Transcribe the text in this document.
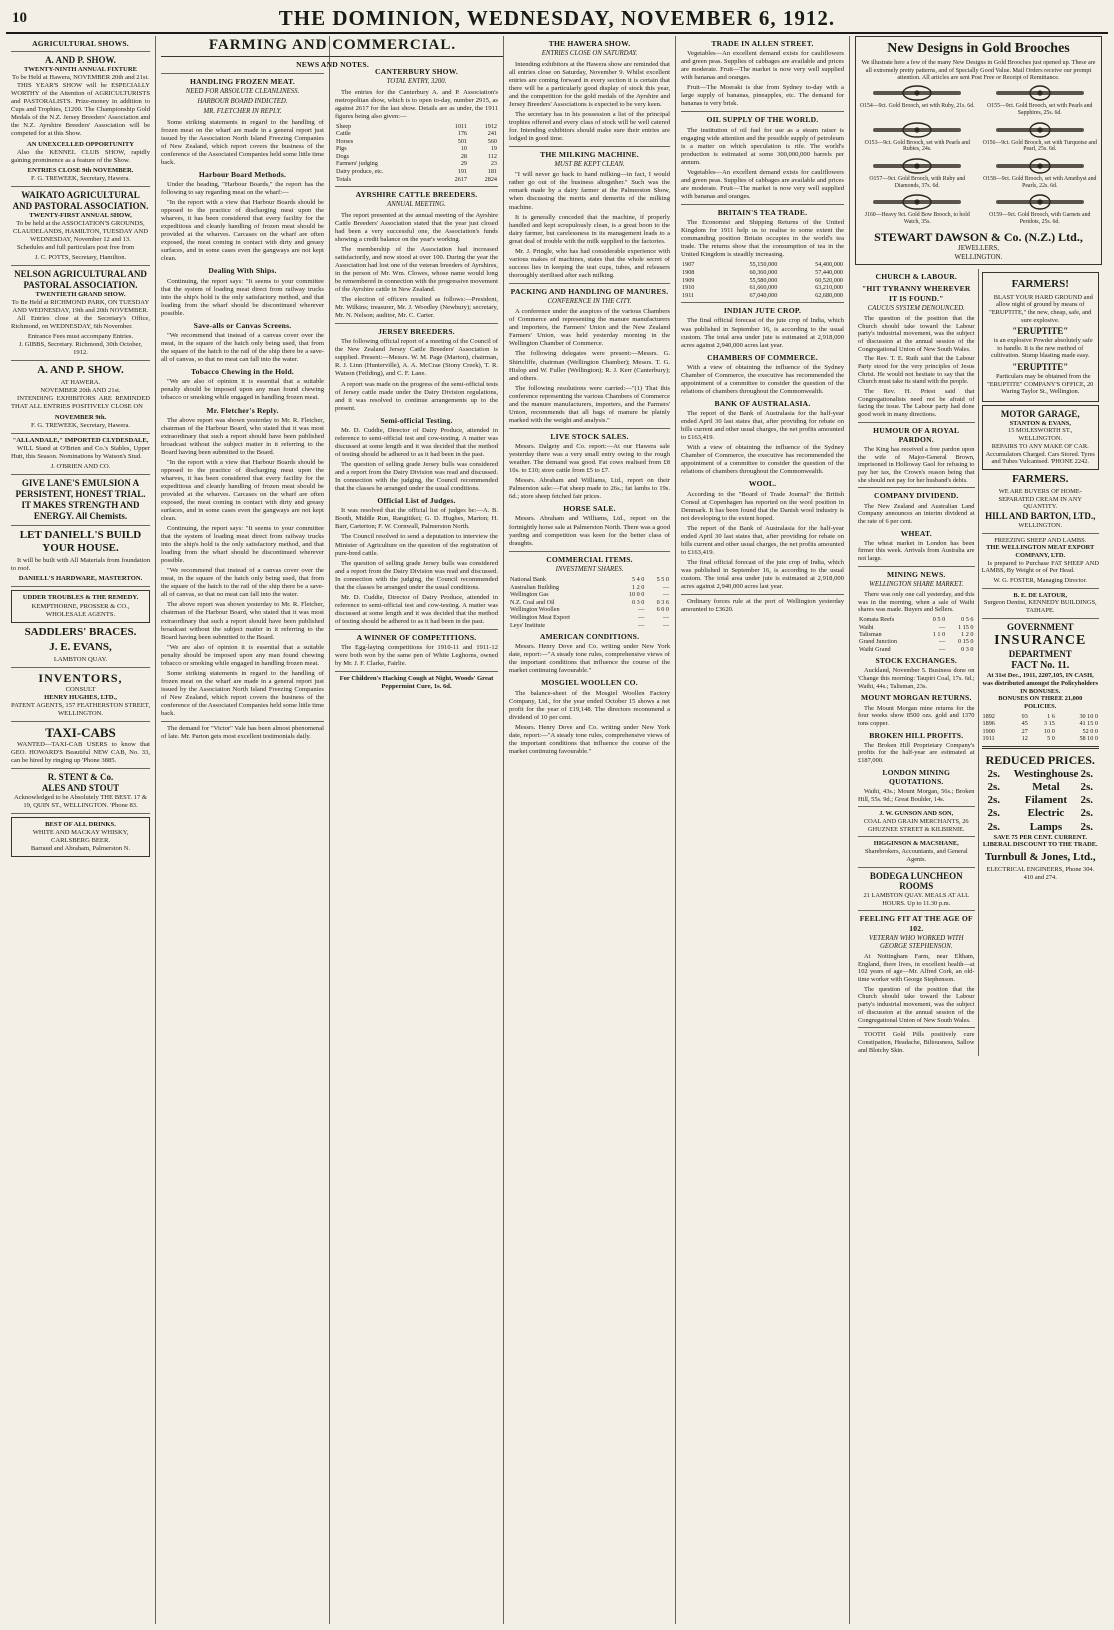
10	THE DOMINION, WEDNESDAY, NOVEMBER 6, 1912.
AGRICULTURAL SHOWS.
A. AND P. SHOW.
TWENTY-NINTH ANNUAL FIXTURE
To be Held at Hawera, NOVEMBER 20th and 21st.

THIS YEAR'S SHOW will be ESPECIALLY WORTHY of the Attention of AGRICULTURISTS and PASTORALISTS. Prize-money in addition to Cups and Trophies, £1200. The Championship Gold Medals of the N.Z. Jersey Breeders' Association and the N.Z. Ayrshire Breeders' Association will be competed for at this Show.

AN UNEXCELLED OPPORTUNITY

Also the KENNEL CLUB SHOW, rapidly gaining prominence as a feature of the Show.

ENTRIES CLOSE 9th NOVEMBER.
F. G. TREWEEK, Secretary, Hawera.
WAIKATO AGRICULTURAL AND PASTORAL ASSOCIATION.
TWENTY-FIRST ANNUAL SHOW,
To be held at the ASSOCIATION'S GROUNDS, CLAUDELANDS, HAMILTON, TUESDAY AND WEDNESDAY, November 12 and 13.

Schedules and full particulars post free from

J. C. POTTS, Secretary, Hamilton.
NELSON AGRICULTURAL AND PASTORAL ASSOCIATION.
TWENTIETH GRAND SHOW.
To Be Held at RICHMOND PARK, ON TUESDAY AND WEDNESDAY, 19th and 20th NOVEMBER.

All Entries close at the Secretary's Office, Richmond, on WEDNESDAY, 6th November.

Entrance Fees must accompany Entries.
J. GIBBS, Secretary. Richmond, 30th October, 1912.
A. AND P. SHOW.
AT HAWERA.
NOVEMBER 20th AND 21st.

INTENDING EXHIBITORS ARE REMINDED THAT ALL ENTRIES POSITIVELY CLOSE ON

NOVEMBER 9th.
F. G. TREWEEK, Secretary, Hawera.
"ALLANDALE," IMPORTED CLYDESDALE,

WILL Stand at O'Brien and Co.'s Stables, Upper Hutt, this Season. Nominations by Watson's Stud.

J. O'BRIEN AND CO.
GIVE LANE'S EMULSION A PERSISTENT, HONEST TRIAL. IT MAKES STRENGTH AND ENERGY. All Chemists.
LET DANIELL'S BUILD YOUR HOUSE.

It will be built with All Materials from foundation to roof.

DANIELL'S HARDWARE, MASTERTON.
UDDER TROUBLES & THE REMEDY.
KEMPTHORNE, PROSSER & CO., WHOLESALE AGENTS.
SADDLERS' BRACES.
J. E. EVANS,
LAMBTON QUAY.
INVENTORS,
CONSULT
HENRY HUGHES, LTD.,
PATENT AGENTS, 157 FEATHERSTON STREET, WELLINGTON.
TAXI-CABS

WANTED—TAXI-CAB USERS to know that GEO. HOWARD'S Beautiful NEW CAB, No. 33, can be hired by ringing up 'Phone 3885.

R. STENT & Co.
ALES AND STOUT
Acknowledged to be Absolutely THE BEST. 17 & 19, QUIN ST., WELLINGTON. 'Phone 83.
BEST OF ALL DRINKS.
WHITE AND MACKAY WHISKY, CARLSBERG BEER.
Barraud and Abraham, Palmerston N.
FARMING AND COMMERCIAL.
NEWS AND NOTES.
HANDLING FROZEN MEAT.
NEED FOR ABSOLUTE CLEANLINESS.
HARBOUR BOARD INDICTED.
MR. FLETCHER IN REPLY.

Some striking statements in regard to the handling of frozen meat on the wharf are made in a general report just issued by the Association North Island Freezing Companies of New Zealand, which report covers the business of the conference of the Associated Companies held some little time back.

Harbour Board Methods.

Under the heading, "Harbour Boards," the report has the following to say regarding meat on the wharf:—

"In the report with a view that Harbour Boards should be opposed to the practice of discharging meat upon the wharves, it has been considered that every facility for the expeditious and cleanly handling of frozen meat should be provided at the wharves. Carcases on the wharf are often exposed, the meat coming in contact with dirty and greasy surfaces, and in some cases even the gangways are not kept clean.

Dealing With Ships.

Continuing, the report says: "It seems to your committee that the system of loading meat direct from railway trucks into the ship's hold is the only satisfactory method, and that loading from the wharf should be discontinued wherever possible.

Save-alls or Canvas Screens.

"We recommend that instead of a canvas cover over the meat, in the square of the hatch only being used, that from the square of the hatch to the rail of the ship there be a save-all of canvas, so that no meat can fall into the water.

Tobacco Chewing in the Hold.

"We are also of opinion it is essential that a suitable penalty should be imposed upon any man found chewing tobacco or smoking while engaged in handling frozen meat.

Mr. Fletcher's Reply.

The above report was shown yesterday to Mr. R. Fletcher, chairman of the Harbour Board, who stated that it was most extraordinary that such a report should have been published broadcast without the subject matter in it referring to the Board having been submitted to the Board.

"In the report with a view that Harbour Boards should be opposed to the practice of discharging meat upon the wharves, it has been considered that every facility for the expeditious and cleanly handling of frozen meat should be provided at the wharves. Carcases on the wharf are often exposed, the meat coming in contact with dirty and greasy surfaces, and in some cases even the gangways are not kept clean.

Continuing, the report says: "It seems to your committee that the system of loading meat direct from railway trucks into the ship's hold is the only satisfactory method, and that loading from the wharf should be discontinued wherever possible.

"We recommend that instead of a canvas cover over the meat, in the square of the hatch only being used, that from the square of the hatch to the rail of the ship there be a save-all of canvas, so that no meat can fall into the water.

The above report was shown yesterday to Mr. R. Fletcher, chairman of the Harbour Board, who stated that it was most extraordinary that such a report should have been published broadcast without the subject matter in it referring to the Board having been submitted to the Board.

"We are also of opinion it is essential that a suitable penalty should be imposed upon any man found chewing tobacco or smoking while engaged in handling frozen meat.

Some striking statements in regard to the handling of frozen meat on the wharf are made in a general report just issued by the Association North Island Freezing Companies of New Zealand, which report covers the business of the conference of the Associated Companies held some little time back.

The demand for "Victor" Vale has been almost phenomenal of late. Mr. Parton gets most excellent testimonials daily.

CANTERBURY SHOW.
TOTAL ENTRY, 3200.

The entries for the Canterbury A. and P. Association's metropolitan show, which is to open to-day, number 2915, as against 2617 for the last show. Details are as under, the 1911 figures being also given:—

Sheep	1011	1912
Cattle	176	241
Horses	501	560
Pigs	10	19
Dogs	28	112
Farmers' judging	29	23
Dairy produce, etc.	191	181
Totals	2617	2824
AYRSHIRE CATTLE BREEDERS.
ANNUAL MEETING.

The report presented at the annual meeting of the Ayrshire Cattle Breeders' Association stated that the year just closed had been a very successful one, the Association's funds showing a credit balance on the year's working.

The membership of the Association had increased satisfactorily, and now stood at over 100. During the year the Association had lost one of the veteran breeders of Ayrshires, in the person of Mr. Wm. Clowes, whose name would long be remembered in connection with the progressive movement of the Ayrshire cattle in New Zealand.

The election of officers resulted as follows:—President, Mr. Wilkins; treasurer, Mr. J. Woodley (Newbury); secretary, Mr. N. Nelson; auditor, Mr. C. Carter.

JERSEY BREEDERS.

The following official report of a meeting of the Council of the New Zealand Jersey Cattle Breeders' Association is supplied. Present:—Messrs. W. M. Page (Marton), chairman, R. J. Linn (Hunterville), A. A. McCrae (Stony Creek), T. R. Watson (Feilding), and C. F. Lane.

A report was made on the progress of the semi-official tests of Jersey cattle made under the Dairy Division regulations, and it was resolved to continue arrangements up to the present.

Semi-official Testing.

Mr. D. Cuddie, Director of Dairy Produce, attended in reference to semi-official test and cow-testing. A matter was discussed at some length and it was decided that the method of testing should be adhered to as it had been in the past.

The question of selling grade Jersey bulls was considered and a report from the Dairy Division was read and discussed. In connection with the judging, the Council recommended that the classes be arranged under the usual conditions.

Official List of Judges.

It was resolved that the official list of judges be:—A. B. Booth, Middle Run, Rangitikei; G. D. Hughes, Marton; H. Barr, Carterton; F. W. Cornwall, Palmerston North.

The Council resolved to send a deputation to interview the Minister of Agriculture on the question of the registration of pure-bred cattle.

The question of selling grade Jersey bulls was considered and a report from the Dairy Division was read and discussed. In connection with the judging, the Council recommended that the classes be arranged under the usual conditions.

Mr. D. Cuddie, Director of Dairy Produce, attended in reference to semi-official test and cow-testing. A matter was discussed at some length and it was decided that the method of testing should be adhered to as it had been in the past.

A WINNER OF COMPETITIONS.

The Egg-laying competitions for 1910-11 and 1911-12 were both won by the same pen of White Leghorns, owned by Mr. J. F. Clarke, Fairlie.

For Children's Hacking Cough at Night, Woods' Great Peppermint Cure, 1s. 6d.
THE HAWERA SHOW.
ENTRIES CLOSE ON SATURDAY.

Intending exhibitors at the Hawera show are reminded that all entries close on Saturday, November 9. Whilst excellent entries are coming forward in every section it is certain that there will be a particularly good display of stock this year, and the competition for the gold medals of the Ayrshire and Jersey Breeders' Associations is expected to be very keen.

The secretary has in his possession a list of the principal trophies offered and every class of stock will be well catered for. Intending exhibitors should make sure their entries are lodged in good time.

THE MILKING MACHINE.
MUST BE KEPT CLEAN.

"I will never go back to hand milking—in fact, I would rather go out of the business altogether." Such was the remark made by a dairy farmer at the Palmerston Show, when discussing the merits and demerits of the milking machine.

It is generally conceded that the machine, if properly handled and kept scrupulously clean, is a great boon to the dairy farmer, but carelessness in its management leads to a great deal of trouble with the milk supplied to the factories.

Mr. J. Pringle, who has had considerable experience with various makes of machines, states that the whole secret of success lies in keeping the teat cups, tubes, and releasers thoroughly sterilised after each milking.

PACKING AND HANDLING OF MANURES.
CONFERENCE IN THE CITY.

A conference under the auspices of the various Chambers of Commerce and representing the manure manufacturers and importers, the Farmers' Union and the New Zealand Farmers' Union, was held yesterday morning in the Wellington Chamber of Commerce.

The following delegates were present:—Messrs. G. Shirtcliffe, chairman (Wellington Chamber); Messrs. T. G. Hislop and W. Fuller (Wellington); R. J. Kerr (Canterbury); and others.

The following resolutions were carried:—"(1) That this conference representing the various Chambers of Commerce and the manure manufacturers, importers, and the Farmers' Union, recommends that all bags of manure be plainly marked with the weight and analysis."

LIVE STOCK SALES.

Messrs. Dalgety and Co. report:—At our Hawera sale yesterday there was a very small entry owing to the rough weather. The demand was good. Fat cows realised from £8 10s. to £10; store cattle from £5 to £7.

Messrs. Abraham and Williams, Ltd., report on their Palmerston sale:—Fat sheep made to 26s.; fat lambs to 19s. 6d.; store sheep fetched fair prices.

HORSE SALE.

Messrs. Abraham and Williams, Ltd., report on the fortnightly horse sale at Palmerston North. There was a good yarding and competition was keen for the better class of draughts.

COMMERCIAL ITEMS.
INVESTMENT SHARES.
National Bank	5 4 0	5 5 0
Australian Building	1 2 0	—
Wellington Gas	10 0 0	—
N.Z. Coal and Oil	0 3 0	0 3 6
Wellington Woollen	—	6 0 0
Wellington Meat Export	—	—
Leys' Institute	—	—
AMERICAN CONDITIONS.

Messrs. Henry Dove and Co. writing under New York date, report:—"A steady tone rules, comprehensive views of the important conditions that influence the course of the market continuing favourable."

MOSGIEL WOOLLEN CO.

The balance-sheet of the Mosgiel Woollen Factory Company, Ltd., for the year ended October 15 shows a net profit for the year of £19,148. The directors recommend a dividend of 10 per cent.

Messrs. Henry Dove and Co. writing under New York date, report:—"A steady tone rules, comprehensive views of the important conditions that influence the course of the market continuing favourable."

TRADE IN ALLEN STREET.

Vegetables—An excellent demand exists for cauliflowers and green peas. Supplies of cabbages are available and prices are moderate. Fruit—The market is now very well supplied with bananas and oranges.

Fruit—The Moeraki is due from Sydney to-day with a large supply of bananas, pineapples, etc. The demand for bananas is very brisk.

OIL SUPPLY OF THE WORLD.

The institution of oil fuel for use as a steam raiser is engaging wide attention and the possible supply of petroleum is a matter on which speculation is rife. The world's production is estimated at some 300,000,000 barrels per annum.

Vegetables—An excellent demand exists for cauliflowers and green peas. Supplies of cabbages are available and prices are moderate. Fruit—The market is now very well supplied with bananas and oranges.

BRITAIN'S TEA TRADE.

The Economist and Shipping Returns of the United Kingdom for 1911 help us to realise to some extent the commanding position Britain occupies in the world's tea trade. The returns show that the consumption of tea in the United Kingdom is steadily increasing.

1907	55,150,000	54,400,000
1908	60,360,000	57,440,000
1909	55,580,000	60,520,000
1910	61,660,000	63,210,000
1911	67,040,000	62,680,000
INDIAN JUTE CROP.

The final official forecast of the jute crop of India, which was published in September 16, is according to the usual custom. The total area under jute is estimated at 2,918,000 acres against 2,940,000 acres last year.

CHAMBERS OF COMMERCE.

With a view of obtaining the influence of the Sydney Chamber of Commerce, the executive has recommended the appointment of a committee to consider the question of the relations of chambers throughout the Commonwealth.

BANK OF AUSTRALASIA.

The report of the Bank of Australasia for the half-year ended April 30 last states that, after providing for rebate on bills current and other usual charges, the net profits amounted to £163,419.

With a view of obtaining the influence of the Sydney Chamber of Commerce, the executive has recommended the appointment of a committee to consider the question of the relations of chambers throughout the Commonwealth.

WOOL.

According to the "Board of Trade Journal" the British Consul at Copenhagen has reported on the wool position in Denmark. It has been found that the Danish wool industry is not developing to the extent hoped.

The report of the Bank of Australasia for the half-year ended April 30 last states that, after providing for rebate on bills current and other usual charges, the net profits amounted to £163,419.

The final official forecast of the jute crop of India, which was published in September 16, is according to the usual custom. The total area under jute is estimated at 2,918,000 acres against 2,940,000 acres last year.

Ordinary forces rule at the port of Wellington yesterday amounted to £3620.

New Designs in Gold Brooches
We illustrate here a few of the many New Designs in Gold Brooches just opened up. These are all extremely pretty patterns, and of Specially Good Value. Mail Orders receive our prompt attention. All articles are sent Post Free or Receipt of Remittance.
O154—9ct. Gold Brooch, set with Ruby, 21s. 6d.	O155—9ct. Gold Brooch, set with Pearls and Sapphires, 25s. 6d.
O153—9ct. Gold Brooch, set with Pearls and Rubies, 24s.
O156—9ct. Gold Brooch, set with Turquoise and Pearl, 25s. 6d.
O157—9ct. Gold Brooch, with Ruby and Diamonds, 37s. 6d.
O158—9ct. Gold Brooch, set with Amethyst and Pearls, 22s. 6d.
J160—Heavy 9ct. Gold Bow Brooch, to hold Watch, 35s.
O159—9ct. Gold Brooch, with Garnets and Peridots, 25s. 6d.
STEWART DAWSON & Co. (N.Z.) Ltd.,
JEWELLERS,
WELLINGTON.
CHURCH & LABOUR.
"HIT TYRANNY WHEREVER IT IS FOUND."
CAUCUS SYSTEM DENOUNCED.

The question of the position that the Church should take toward the Labour party's industrial movement, was the subject of discussion at the annual session of the Congregational Union of New South Wales.

The Rev. T. E. Ruth said that the Labour Party stood for the very principles of Jesus Christ. He would not hesitate to say that the Church must take its stand with the people.

The Rev. H. Priest said that Congregationalists need not be afraid of facing the issue. The Labour party had done good work in many directions.

HUMOUR OF A ROYAL PARDON.

The King has received a free pardon upon the wife of Major-General Brown, imprisoned in Holloway Gaol for refusing to pay her tax, the Crown's reason being that she should not pay for her husband's debts.

COMPANY DIVIDEND.

The New Zealand and Australian Land Company announces an interim dividend at the rate of 6 per cent.

WHEAT.

The wheat market in London has been firmer this week. Arrivals from Australia are not large.

MINING NEWS.
WELLINGTON SHARE MARKET.

There was only one call yesterday, and this was in the morning, when a sale of Waihi shares was made. Buyers and Sellers.

Komata Reefs	0 5 0	0 5 6
Waihi	—	1 15 0
Talisman	1 1 0	1 2 0
Grand Junction	—	0 15 0
Waihi Grand	—	0 3 0
STOCK EXCHANGES.

Auckland, November 5. Business done on 'Change this morning: Taupiri Coal, 17s. 6d.; Waihi, 44s.; Talisman, 23s.

MOUNT MORGAN RETURNS.

The Mount Morgan mine returns for the four weeks show 8500 ozs. gold and 1370 tons copper.

BROKEN HILL PROFITS.

The Broken Hill Proprietary Company's profits for the half-year are estimated at £187,000.

LONDON MINING QUOTATIONS.

Waihi, 43s.; Mount Morgan, 56s.; Broken Hill, 55s. 9d.; Great Boulder, 14s.

J. W. GUNSON AND SON,
COAL AND GRAIN MERCHANTS, 26 GHUZNEE STREET & KILBIRNIE.
HIGGINSON & MACSHANE,
Sharebrokers, Accountants, and General Agents.
BODEGA LUNCHEON ROOMS
21 LAMBTON QUAY. MEALS AT ALL HOURS. Up to 11.30 p.m.
FEELING FIT AT THE AGE OF 102.
VETERAN WHO WORKED WITH GEORGE STEPHENSON.

At Nottingham Farm, near Eltham, England, there lives, in excellent health—at 102 years of age—Mr. Alfred Cork, an old-time worker with George Stephenson.

The question of the position that the Church should take toward the Labour party's industrial movement, was the subject of discussion at the annual session of the Congregational Union of New South Wales.

TOOTH Gold Pills positively cure Constipation, Headache, Biliousness, Sallow and Blotchy Skin.

FARMERS!

BLAST YOUR HARD GROUND and allow night of ground by means of "ERUPTITE," the new, cheap, safe, and sure explosive.

"ERUPTITE"

is an explosive Powder absolutely safe to handle. It is the new method of cultivation. Stump blasting made easy.

"ERUPTITE"

Particulars may be obtained from the "ERUPTITE" COMPANY'S OFFICE, 20 Waring Taylor St., Wellington.

MOTOR GARAGE,
STANTON & EVANS,
15 MOLESWORTH ST., WELLINGTON.
REPAIRS TO ANY MAKE OF CAR. Accumulators Charged. Cars Stored. Tyres and Tubes Vulcanised. 'PHONE 2242.
FARMERS.
WE ARE BUYERS OF HOME-SEPARATED CREAM IN ANY QUANTITY.
HILL AND BARTON, LTD.,
WELLINGTON.
FREEZING SHEEP AND LAMBS.
THE WELLINGTON MEAT EXPORT COMPANY, LTD.

Is prepared to Purchase FAT SHEEP AND LAMBS, By Weight or of Per Head.

W. G. FOSTER, Managing Director.
B. E. DE LATOUR,
Surgeon Dentist, KENNEDY BUILDINGS, TAIHAPE.
GOVERNMENT
INSURANCE
DEPARTMENT
FACT No. 11.
At 31st Dec., 1911, 2207,105, IN CASH, was distributed amongst the Policyholders IN BONUSES.
BONUSES ON THREE 21,000 POLICIES.
1892	93	1 6	30 10 0
1896	45	3 15	41 15 0
1900	27	10 0	52 0 0
1911	12	5 0	58 10 0
REDUCED PRICES.
2s.	Westinghouse 2s.
2s.	Metal 2s.
2s.	Filament 2s.
2s.	Electric 2s.
2s.	Lamps 2s.
SAVE 75 PER CENT. CURRENT.
LIBERAL DISCOUNT TO THE TRADE.
Turnbull & Jones, Ltd.,
ELECTRICAL ENGINEERS, Phone 304. 410 and 274.
